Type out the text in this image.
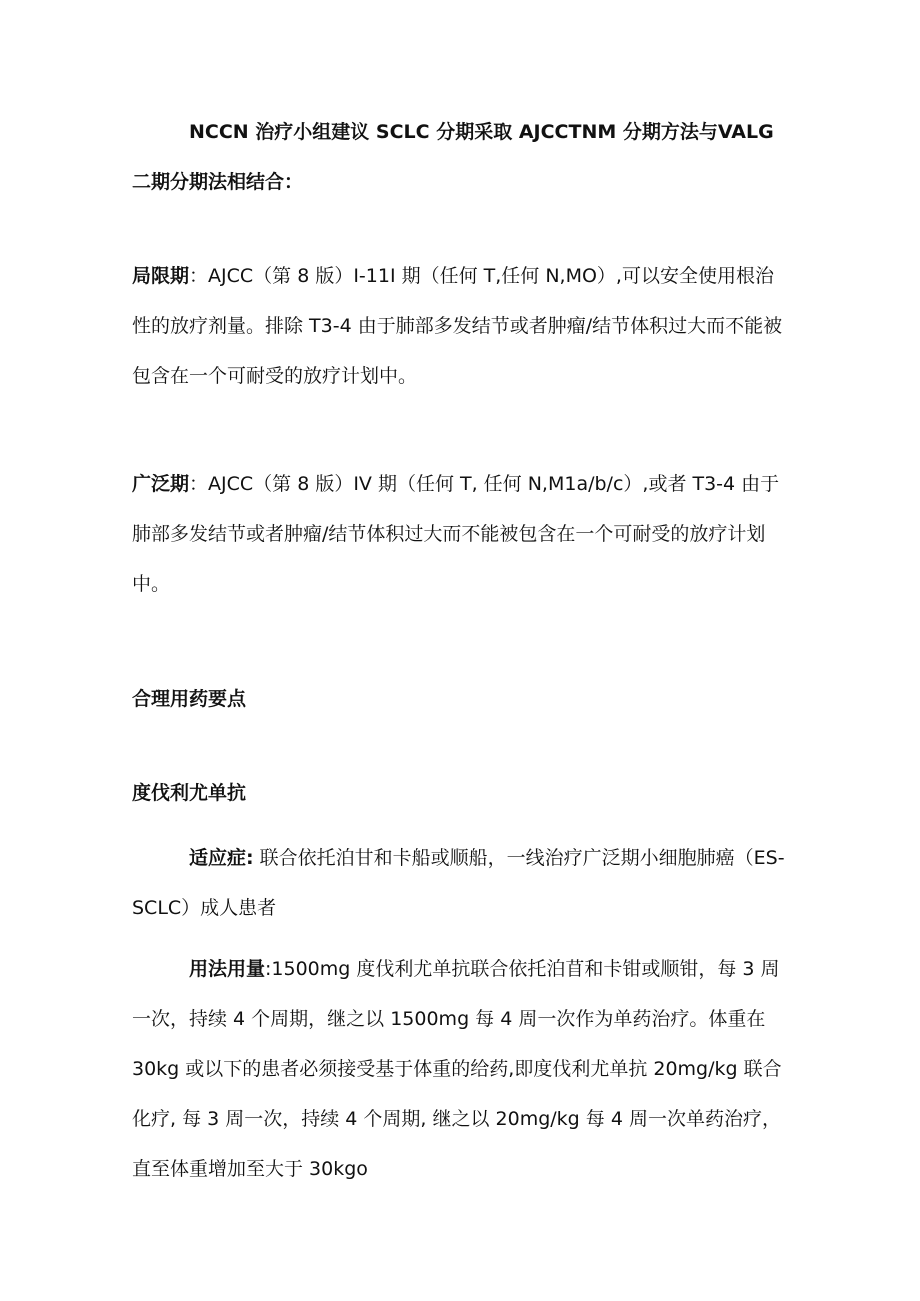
NCCN 治疗小组建议 SCLC 分期采取 AJCCTNM 分期方法与VALG 二期分期法相结合：

局限期：AJCC（第 8 版）I-11I 期（任何 T,任何 N,MO）,可以安全使用根治性的放疗剂量。排除 T3-4 由于肺部多发结节或者肿瘤/结节体积过大而不能被包含在一个可耐受的放疗计划中。

广泛期：AJCC（第 8 版）IV 期（任何 T, 任何 N,M1a/b/c）,或者 T3-4 由于肺部多发结节或者肿瘤/结节体积过大而不能被包含在一个可耐受的放疗计划中。

合理用药要点
度伐利尤单抗

适应症: 联合依托泊甘和卡船或顺船，一线治疗广泛期小细胞肺癌（ES-SCLC）成人患者

用法用量:1500mg 度伐利尤单抗联合依托泊苜和卡钳或顺钳，每 3 周一次，持续 4 个周期，继之以 1500mg 每 4 周一次作为单药治疗。体重在 30kg 或以下的患者必须接受基于体重的给药,即度伐利尤单抗 20mg/kg 联合化疗, 每 3 周一次，持续 4 个周期, 继之以 20mg/kg 每 4 周一次单药治疗，直至体重增加至大于 30kgo
